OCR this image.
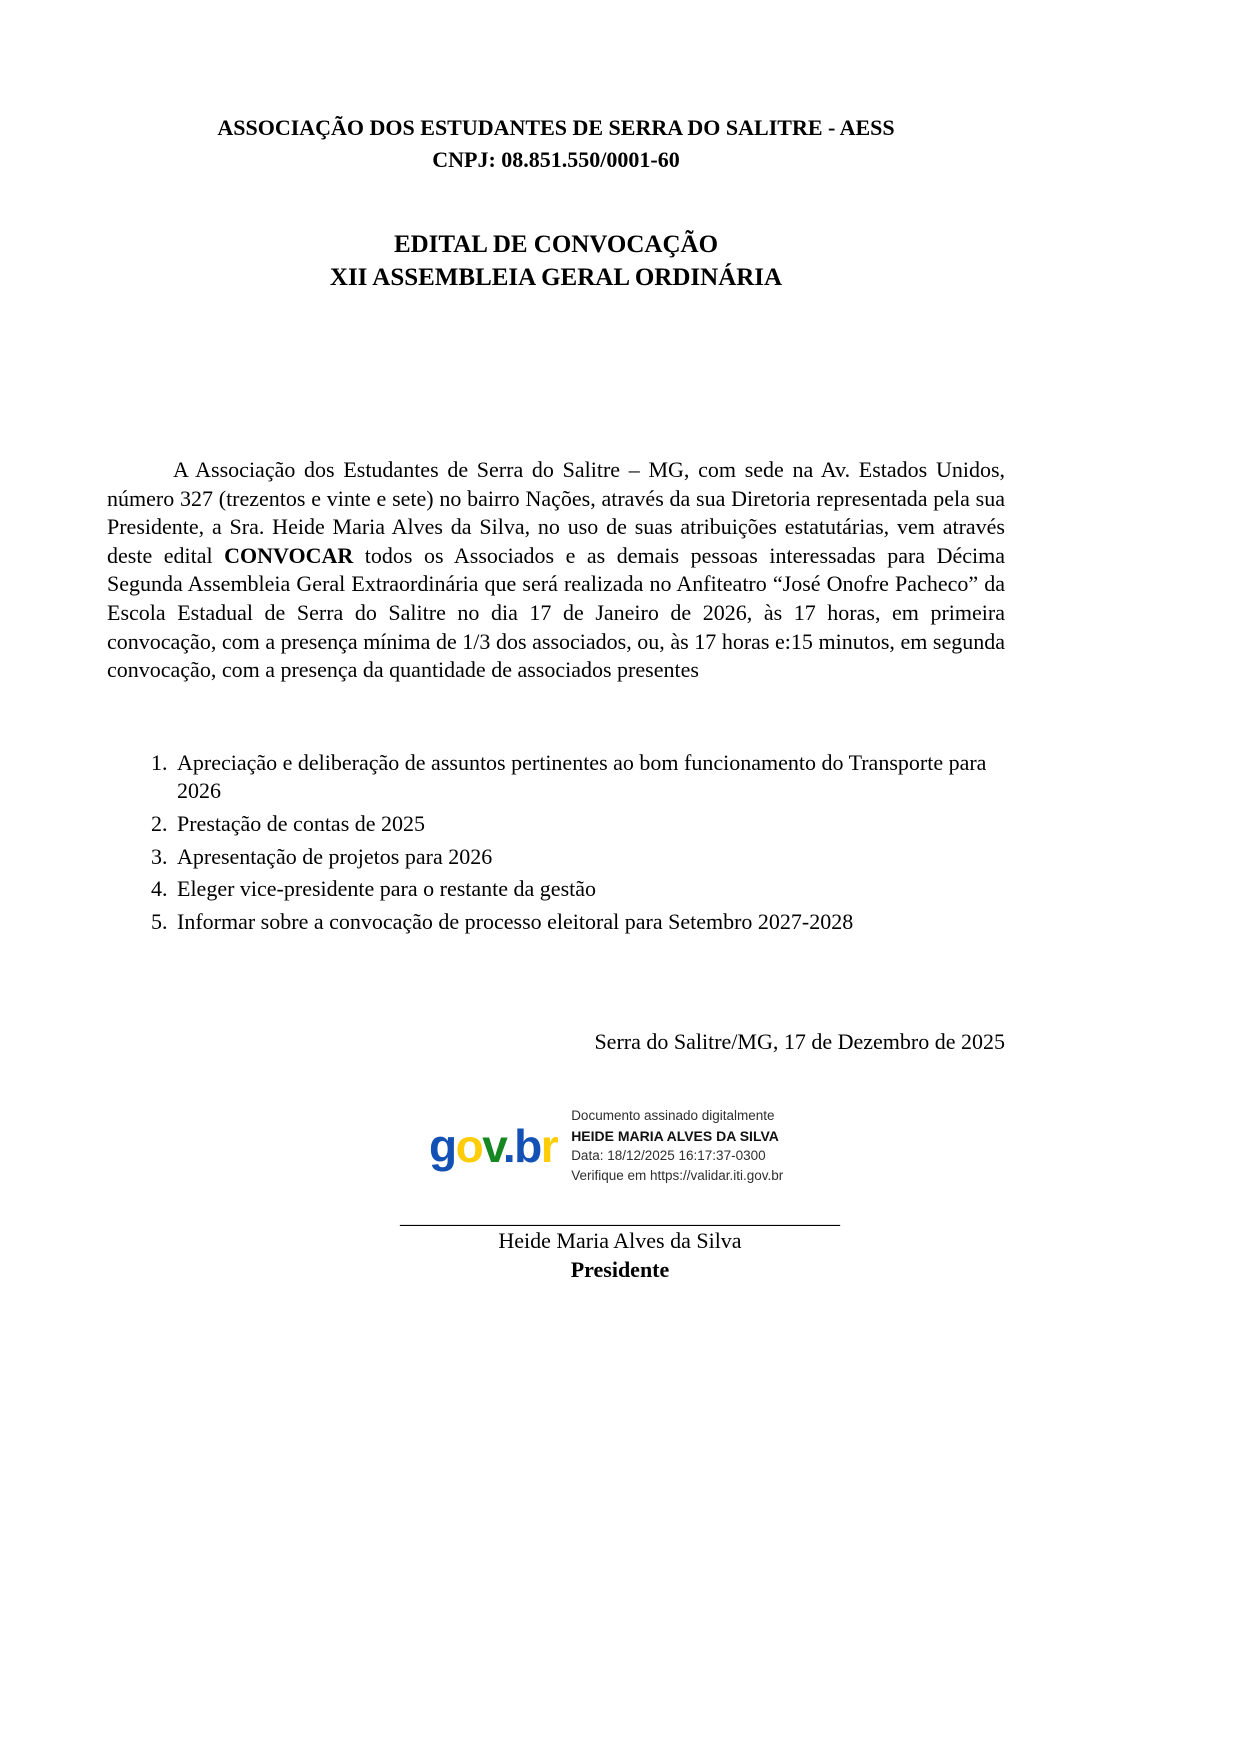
ASSOCIAÇÃO DOS ESTUDANTES DE SERRA DO SALITRE - AESS
CNPJ: 08.851.550/0001-60
EDITAL DE CONVOCAÇÃO
XII ASSEMBLEIA GERAL ORDINÁRIA

A Associação dos Estudantes de Serra do Salitre – MG, com sede na Av. Estados Unidos, número 327 (trezentos e vinte e sete) no bairro Nações, através da sua Diretoria representada pela sua Presidente, a Sra. Heide Maria Alves da Silva, no uso de suas atribuições estatutárias, vem através deste edital CONVOCAR todos os Associados e as demais pessoas interessadas para Décima Segunda Assembleia Geral Extraordinária que será realizada no Anfiteatro “José Onofre Pacheco” da Escola Estadual de Serra do Salitre no dia 17 de Janeiro de 2026, às 17 horas, em primeira convocação, com a presença mínima de 1/3 dos associados, ou, às 17 horas e:15 minutos, em segunda convocação, com a presença da quantidade de associados presentes

1. Apreciação e deliberação de assuntos pertinentes ao bom funcionamento do Transporte para 2026
2. Prestação de contas de 2025
3. Apresentação de projetos para 2026
4. Eleger vice-presidente para o restante da gestão
5. Informar sobre a convocação de processo eleitoral para Setembro 2027-2028
Serra do Salitre/MG, 17 de Dezembro de 2025
gov.br
Documento assinado digitalmente
HEIDE MARIA ALVES DA SILVA
Data: 18/12/2025 16:17:37-0300
Verifique em https://validar.iti.gov.br
________________________________________
Heide Maria Alves da Silva
Presidente
